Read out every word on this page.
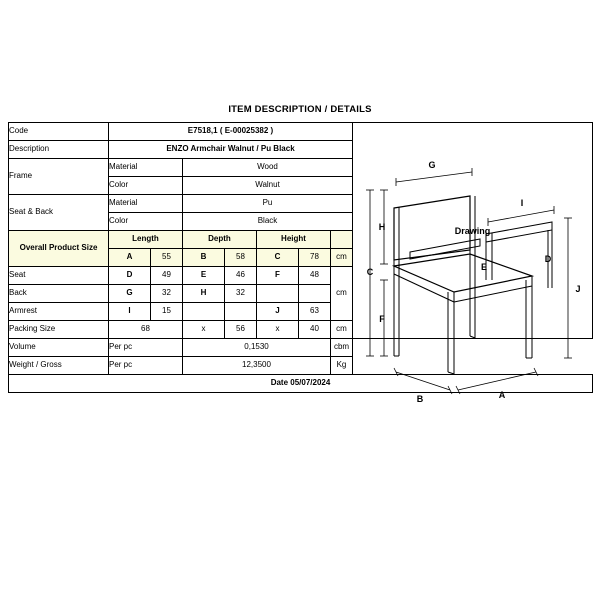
ITEM DESCRIPTION / DETAILS
Code	E7518,1 ( E-00025382 )							Drawing

Description	ENZO Armchair Walnut / Pu Black							
Frame	Material		Wood					
	Color		Walnut					
Seat & Back	Material		Pu					
	Color		Black					
Overall Product Size	Length		Depth		Height			
	A	55	B	58	C	78	cm	
Seat	D	49	E	46	F	48		
Back	G	32	H	32			cm	
Armrest	I	15			J	63		
Packing Size	68		x	56	x	40	cm	
Volume	Per pc		0,1530				cbm	
Weight / Gross	Per pc		12,3500				Kg	
Date 05/07/2024								
G
C
H
F
I
J
E
D
B	A
